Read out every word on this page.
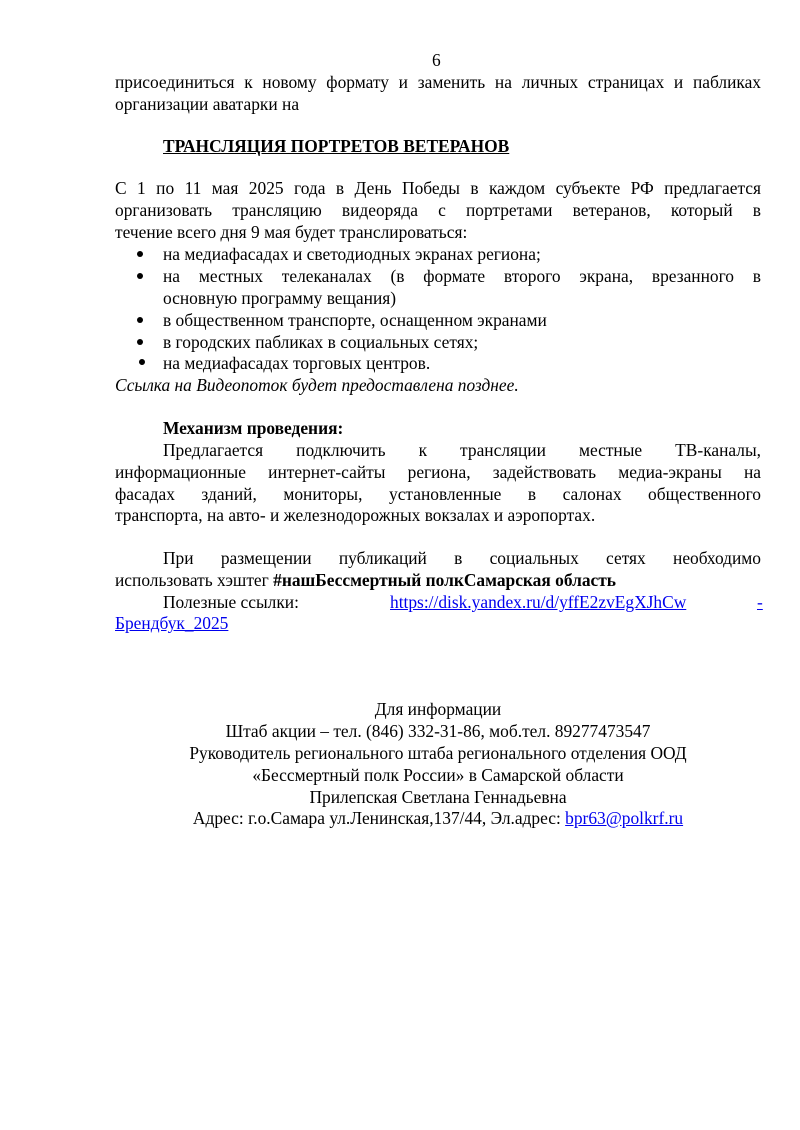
6
присоединиться к новому формату и заменить на личных страницах и пабликах
организации аватарки на
ТРАНСЛЯЦИЯ ПОРТРЕТОВ ВЕТЕРАНОВ
С 1 по 11 мая 2025 года в День Победы в каждом субъекте РФ предлагается
организовать трансляцию видеоряда с портретами ветеранов, который в
течение всего дня 9 мая будет транслироваться:
на медиафасадах и светодиодных экранах региона;
на местных телеканалах (в формате второго экрана, врезанного в
основную программу вещания)
в общественном транспорте, оснащенном экранами
в городских пабликах в социальных сетях;
на медиафасадах торговых центров.
Ссылка на Видеопоток будет предоставлена позднее.
Механизм проведения:
Предлагается подключить к трансляции местные ТВ-каналы,
информационные интернет-сайты региона, задействовать медиа-экраны на
фасадах зданий, мониторы, установленные в салонах общественного
транспорта, на авто- и железнодорожных вокзалах и аэропортах.
При размещении публикаций в социальных сетях необходимо
использовать хэштег #нашБессмертный полкСамарская область
Полезные ссылки:	https://disk.yandex.ru/d/yffE2zvEgXJhCw	-
Брендбук_2025
Для информации
Штаб акции – тел. (846) 332-31-86, моб.тел. 89277473547
Руководитель регионального штаба регионального отделения ООД
«Бессмертный полк России» в Самарской области
Прилепская Светлана Геннадьевна
Адрес: г.о.Самара ул.Ленинская,137/44, Эл.адрес: bpr63@polkrf.ru
